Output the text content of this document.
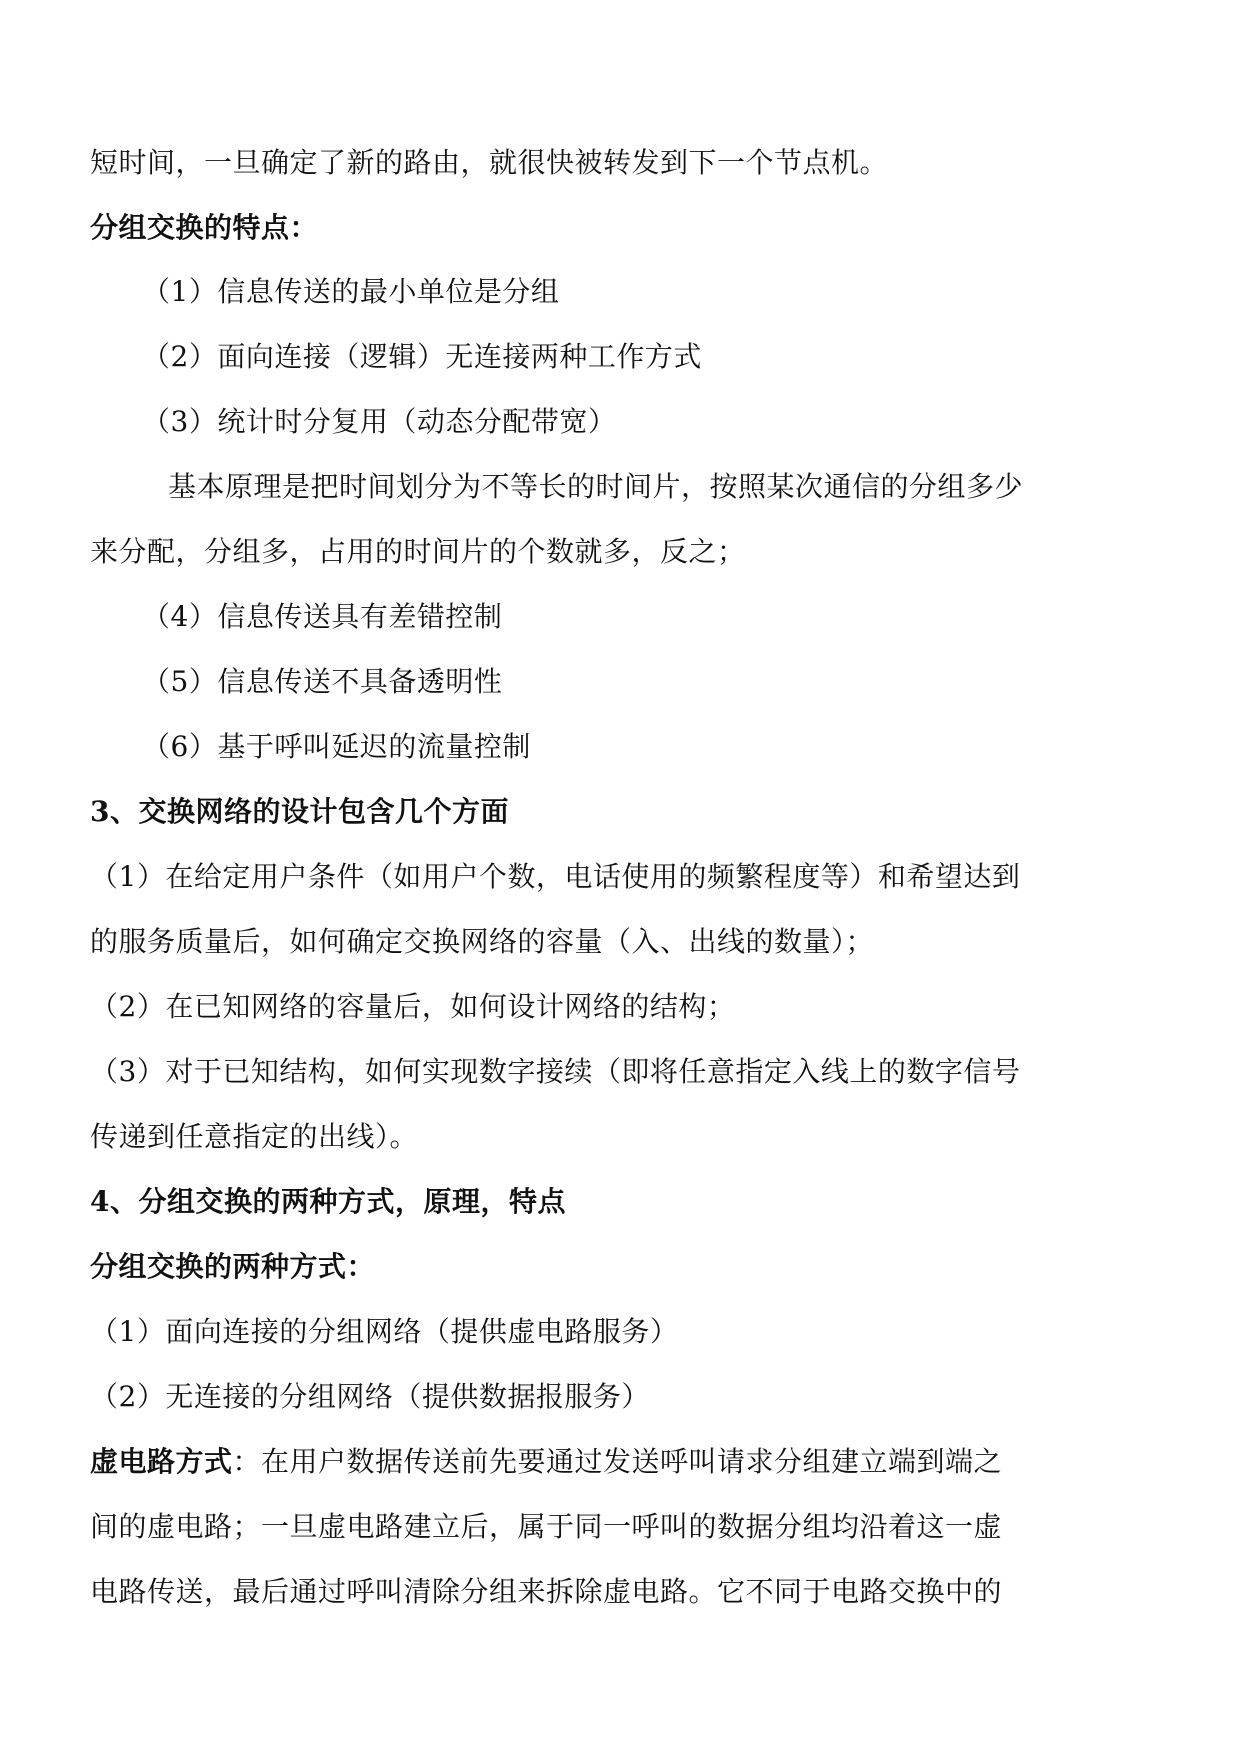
短时间，一旦确定了新的路由，就很快被转发到下一个节点机。
分组交换的特点：
（1）信息传送的最小单位是分组
（2）面向连接（逻辑）无连接两种工作方式
（3）统计时分复用（动态分配带宽）
基本原理是把时间划分为不等长的时间片，按照某次通信的分组多少
来分配，分组多，占用的时间片的个数就多，反之；
（4）信息传送具有差错控制
（5）信息传送不具备透明性
（6）基于呼叫延迟的流量控制
3、交换网络的设计包含几个方面
（1）在给定用户条件（如用户个数，电话使用的频繁程度等）和希望达到
的服务质量后，如何确定交换网络的容量（入、出线的数量）；
（2）在已知网络的容量后，如何设计网络的结构；
（3）对于已知结构，如何实现数字接续（即将任意指定入线上的数字信号
传递到任意指定的出线）。
4、分组交换的两种方式，原理，特点
分组交换的两种方式：
（1）面向连接的分组网络（提供虚电路服务）
（2）无连接的分组网络（提供数据报服务）
虚电路方式：在用户数据传送前先要通过发送呼叫请求分组建立端到端之
间的虚电路；一旦虚电路建立后，属于同一呼叫的数据分组均沿着这一虚
电路传送，最后通过呼叫清除分组来拆除虚电路。它不同于电路交换中的
